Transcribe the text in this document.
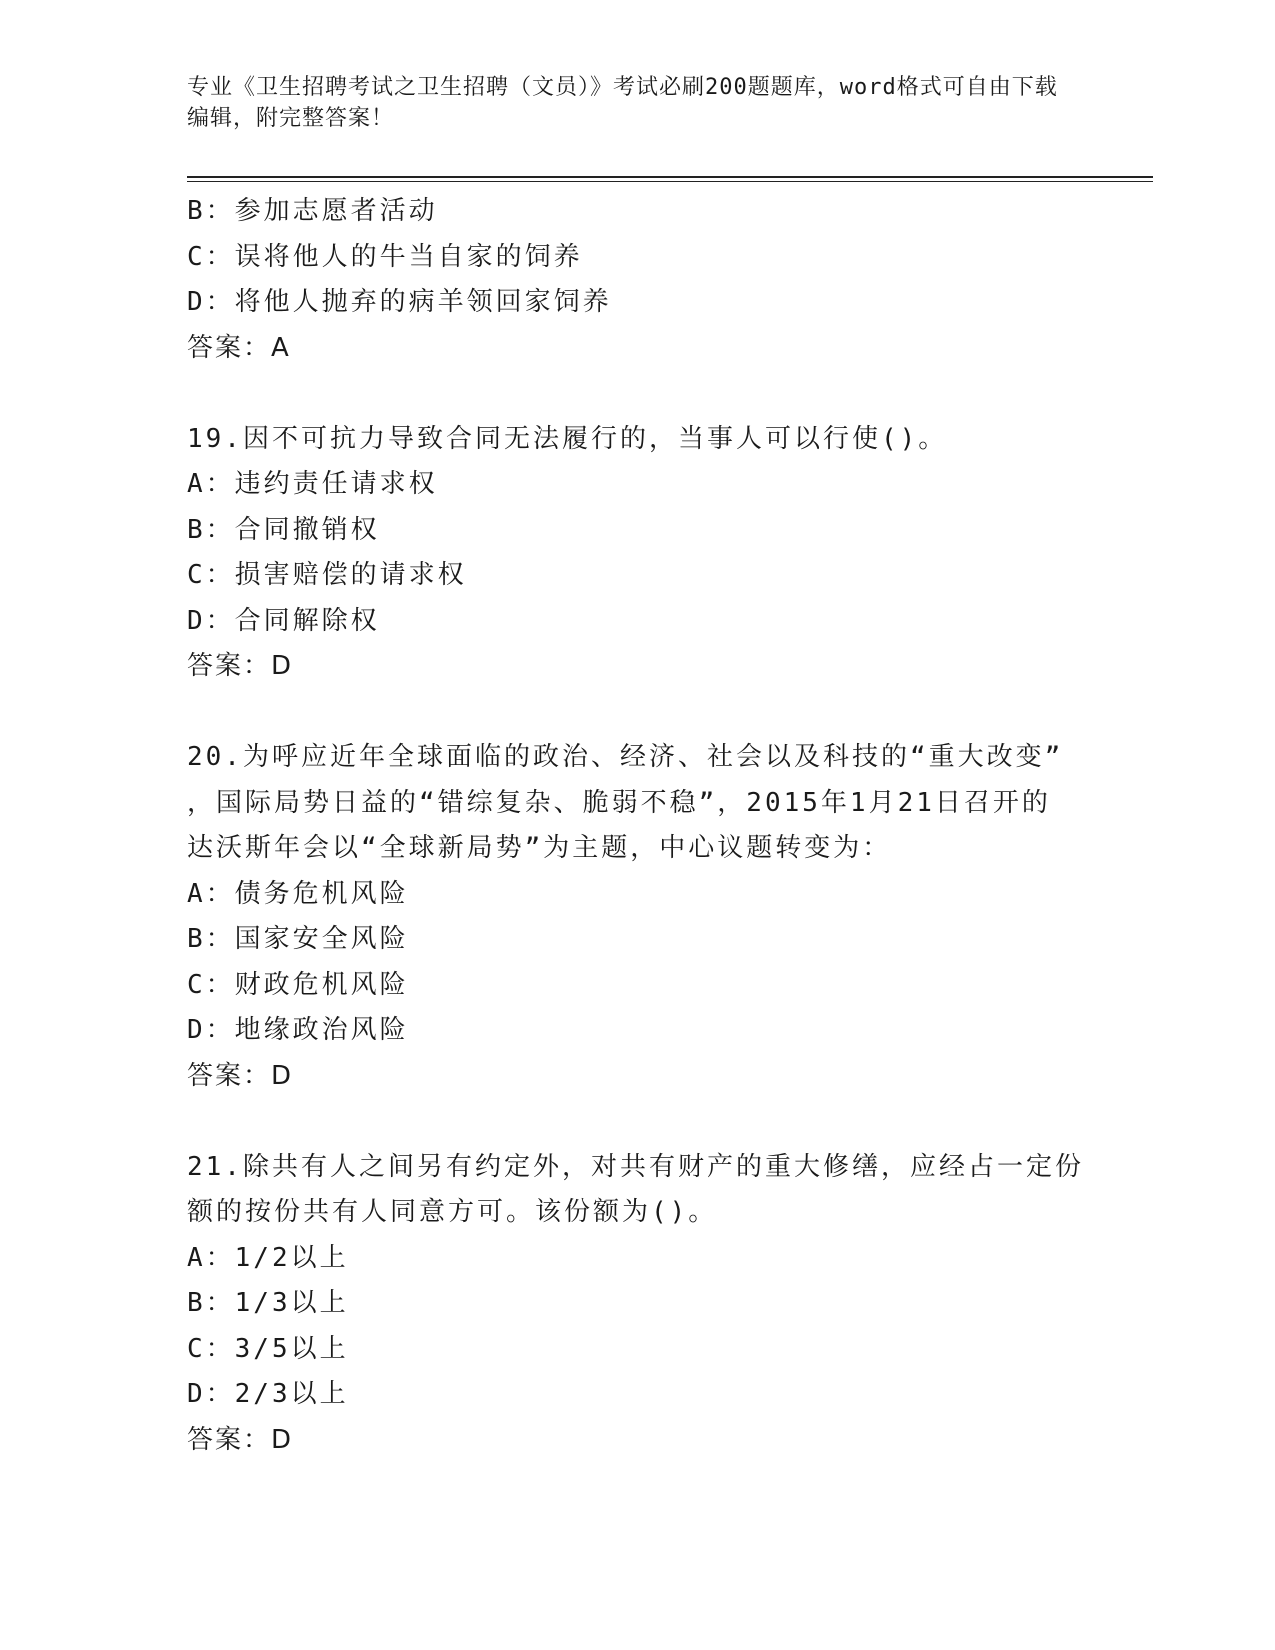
专业《卫生招聘考试之卫生招聘（文员）》考试必刷200题题库，word格式可自由下载编辑，附完整答案！
B：参加志愿者活动
C：误将他人的牛当自家的饲养
D：将他人抛弃的病羊领回家饲养
答案：A
19.因不可抗力导致合同无法履行的，当事人可以行使()。
A：违约责任请求权
B：合同撤销权
C：损害赔偿的请求权
D：合同解除权
答案：D
20.为呼应近年全球面临的政治、经济、社会以及科技的“重大改变”
，国际局势日益的“错综复杂、脆弱不稳”，2015年1月21日召开的
达沃斯年会以“全球新局势”为主题，中心议题转变为：
A：债务危机风险
B：国家安全风险
C：财政危机风险
D：地缘政治风险
答案：D
21.除共有人之间另有约定外，对共有财产的重大修缮，应经占一定份
额的按份共有人同意方可。该份额为()。
A：1/2以上
B：1/3以上
C：3/5以上
D：2/3以上
答案：D
